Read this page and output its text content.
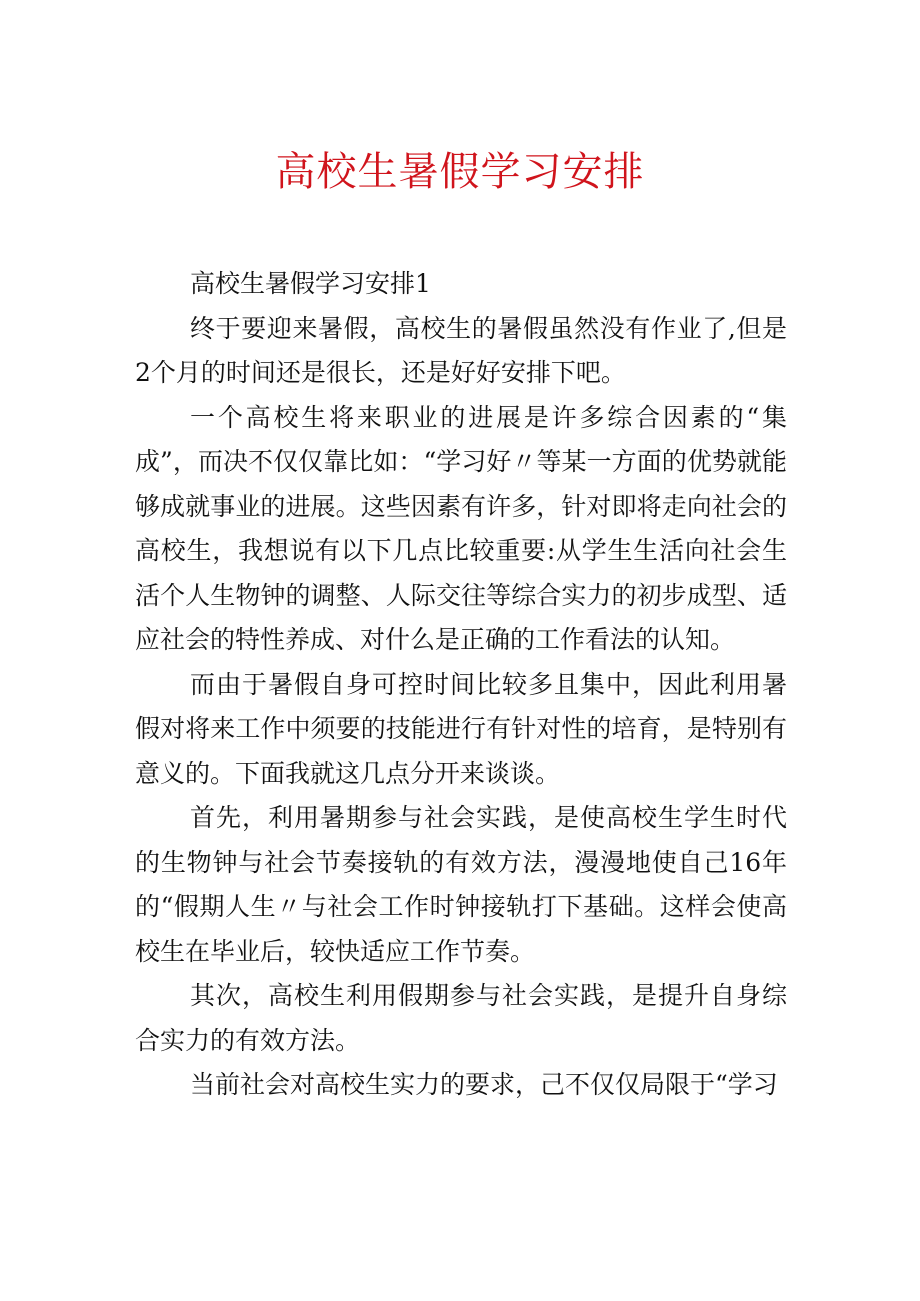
高校生暑假学习安排

高校生暑假学习安排1

终于要迎来暑假，高校生的暑假虽然没有作业了,但是2个月的时间还是很长，还是好好安排下吧。

一个高校生将来职业的进展是许多综合因素的“集成”，而决不仅仅靠比如：“学习好〃等某一方面的优势就能够成就事业的进展。这些因素有许多，针对即将走向社会的高校生，我想说有以下几点比较重要:从学生生活向社会生活个人生物钟的调整、人际交往等综合实力的初步成型、适应社会的特性养成、对什么是正确的工作看法的认知。

而由于暑假自身可控时间比较多且集中，因此利用暑假对将来工作中须要的技能进行有针对性的培育，是特别有意义的。下面我就这几点分开来谈谈。

首先，利用暑期参与社会实践，是使高校生学生时代的生物钟与社会节奏接轨的有效方法，漫漫地使自己16年的“假期人生〃与社会工作时钟接轨打下基础。这样会使高校生在毕业后，较快适应工作节奏。

其次，高校生利用假期参与社会实践，是提升自身综合实力的有效方法。

当前社会对高校生实力的要求，己不仅仅局限于“学习
